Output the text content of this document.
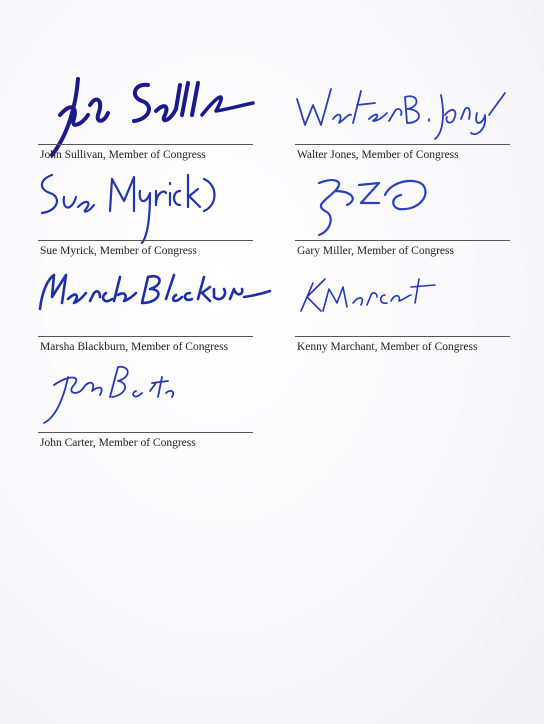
John Sullivan, Member of Congress	Walter Jones, Member of Congress
Sue Myrick, Member of Congress	Gary Miller, Member of Congress
Marsha Blackburn, Member of Congress	Kenny Marchant, Member of Congress
John Carter, Member of Congress
